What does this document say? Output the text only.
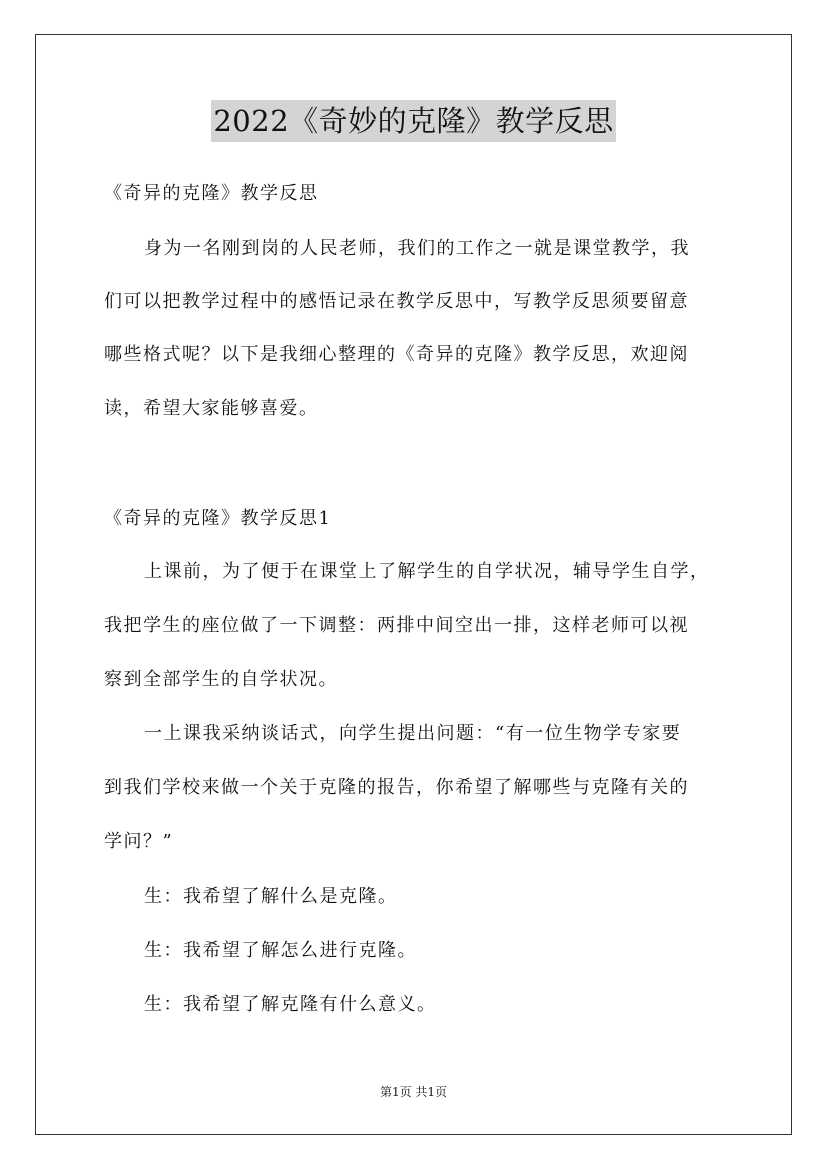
2022《奇妙的克隆》教学反思
《奇异的克隆》教学反思
身为一名刚到岗的人民老师，我们的工作之一就是课堂教学，我
们可以把教学过程中的感悟记录在教学反思中，写教学反思须要留意
哪些格式呢？以下是我细心整理的《奇异的克隆》教学反思，欢迎阅
读，希望大家能够喜爱。
《奇异的克隆》教学反思1
上课前，为了便于在课堂上了解学生的自学状况，辅导学生自学，
我把学生的座位做了一下调整：两排中间空出一排，这样老师可以视
察到全部学生的自学状况。
一上课我采纳谈话式，向学生提出问题：“有一位生物学专家要
到我们学校来做一个关于克隆的报告，你希望了解哪些与克隆有关的
学问？”
生：我希望了解什么是克隆。
生：我希望了解怎么进行克隆。
生：我希望了解克隆有什么意义。
第1页 共1页
